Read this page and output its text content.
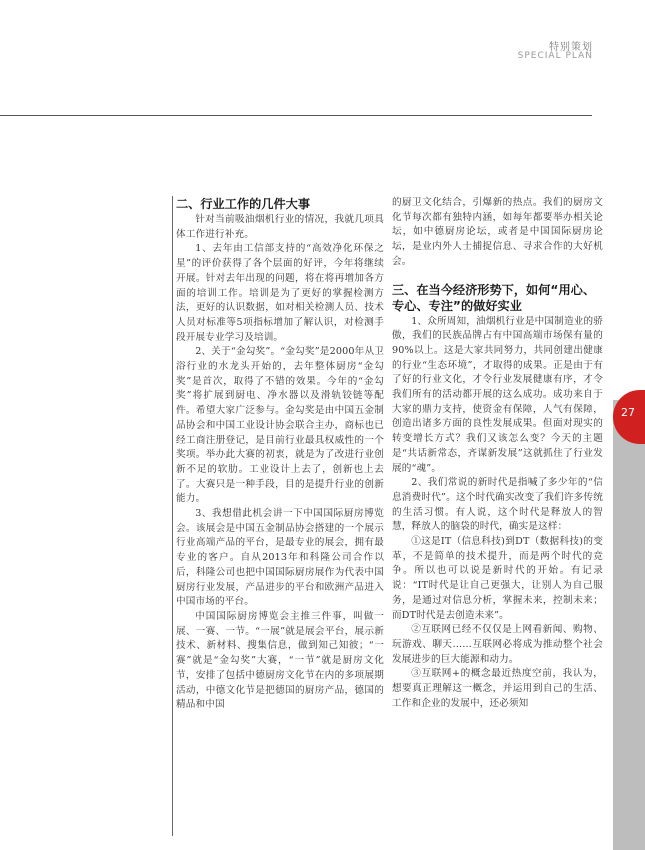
特别策划
SPECIAL PLAN
27
二、行业工作的几件大事

针对当前吸油烟机行业的情况，我就几项具体工作进行补充。

1、去年由工信部支持的“高效净化环保之星”的评价获得了各个层面的好评，今年将继续开展。针对去年出现的问题，将在将再增加各方面的培训工作。培训是为了更好的掌握检测方法，更好的认识数据，如对相关检测人员、技术人员对标准等5项指标增加了解认识，对检测手段开展专业学习及培训。

2、关于“金勾奖”。“金勾奖”是2000年从卫浴行业的水龙头开始的，去年整体厨房“金勾奖”是首次，取得了不错的效果。今年的“金勾奖”将扩展到厨电、净水器以及滑轨铰链等配件。希望大家广泛参与。金勾奖是由中国五金制品协会和中国工业设计协会联合主办，商标也已经工商注册登记，是目前行业最具权威性的一个奖项。举办此大赛的初衷，就是为了改进行业创新不足的软肋。工业设计上去了，创新也上去了。大赛只是一种手段，目的是提升行业的创新能力。

3、我想借此机会讲一下中国国际厨房博览会。该展会是中国五金制品协会搭建的一个展示行业高端产品的平台，是最专业的展会，拥有最专业的客户。自从2013年和科隆公司合作以后，科隆公司也把中国国际厨房展作为代表中国厨房行业发展，产品进步的平台和欧洲产品进入中国市场的平台。

中国国际厨房博览会主推三件事，叫做一展、一赛、一节。“一展”就是展会平台，展示新技术、新材料、搜集信息，做到知己知彼；“一赛”就是“金勾奖”大赛，“一节”就是厨房文化节，安排了包括中德厨房文化节在内的多项展期活动，中德文化节是把德国的厨房产品，德国的精品和中国

的厨卫文化结合，引爆新的热点。我们的厨房文化节每次都有独特内涵，如每年都要举办相关论坛，如中德厨房论坛，或者是中国国际厨房论坛，是业内外人士捕捉信息、寻求合作的大好机会。

三、在当今经济形势下，如何“用心、专心、专注”的做好实业

1、众所周知，油烟机行业是中国制造业的骄傲，我们的民族品牌占有中国高端市场保有量的90%以上。这是大家共同努力，共同创建出健康的行业“生态环境”，才取得的成果。正是由于有了好的行业文化，才令行业发展健康有序，才令我们所有的活动都开展的这么成功。成功来自于大家的鼎力支持，使资金有保障，人气有保障，创造出诸多方面的良性发展成果。但面对现实的转变增长方式？我们又该怎么变？今天的主题是“共话新常态，齐谋新发展”这就抓住了行业发展的“魂”。

2、我们常说的新时代是指喊了多少年的“信息消费时代”。这个时代确实改变了我们许多传统的生活习惯。有人说，这个时代是释放人的智慧，释放人的脑袋的时代，确实是这样：

①这是IT（信息科技)到DT（数据科技)的变革，不是简单的技术提升，而是两个时代的竞争。所以也可以说是新时代的开始。有记录说：“IT时代是让自己更强大，让别人为自己服务，是通过对信息分析，掌握未来，控制未来；而DT时代是去创造未来”。

②互联网已经不仅仅是上网看新闻、购物、玩游戏、聊天……互联网必将成为推动整个社会发展进步的巨大能源和动力。

③互联网+的概念最近热度空前，我认为，想要真正理解这一概念，并运用到自己的生活、工作和企业的发展中，还必须知
